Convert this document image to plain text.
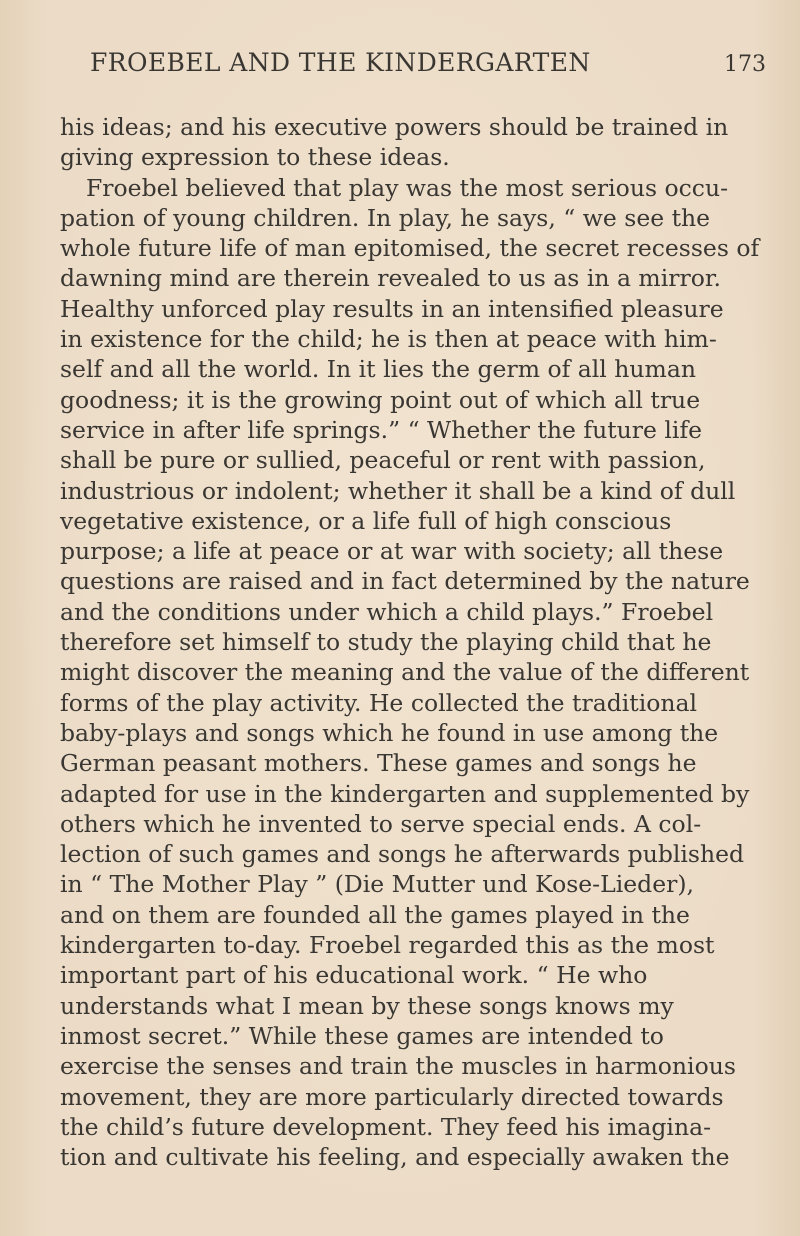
FROEBEL AND THE KINDERGARTEN	173
his ideas; and his executive powers should be trained in
giving expression to these ideas.
Froebel believed that play was the most serious occu-
pation of young children. In play, he says, “ we see the
whole future life of man epitomised, the secret recesses of
dawning mind are therein revealed to us as in a mirror.
Healthy unforced play results in an intensified pleasure
in existence for the child; he is then at peace with him-
self and all the world. In it lies the germ of all human
goodness; it is the growing point out of which all true
service in after life springs.” “ Whether the future life
shall be pure or sullied, peaceful or rent with passion,
industrious or indolent; whether it shall be a kind of dull
vegetative existence, or a life full of high conscious
purpose; a life at peace or at war with society; all these
questions are raised and in fact determined by the nature
and the conditions under which a child plays.” Froebel
therefore set himself to study the playing child that he
might discover the meaning and the value of the different
forms of the play activity. He collected the traditional
baby-plays and songs which he found in use among the
German peasant mothers. These games and songs he
adapted for use in the kindergarten and supplemented by
others which he invented to serve special ends. A col-
lection of such games and songs he afterwards published
in “ The Mother Play ” (Die Mutter und Kose-Lieder),
and on them are founded all the games played in the
kindergarten to-day. Froebel regarded this as the most
important part of his educational work. “ He who
understands what I mean by these songs knows my
inmost secret.” While these games are intended to
exercise the senses and train the muscles in harmonious
movement, they are more particularly directed towards
the child’s future development. They feed his imagina-
tion and cultivate his feeling, and especially awaken the
